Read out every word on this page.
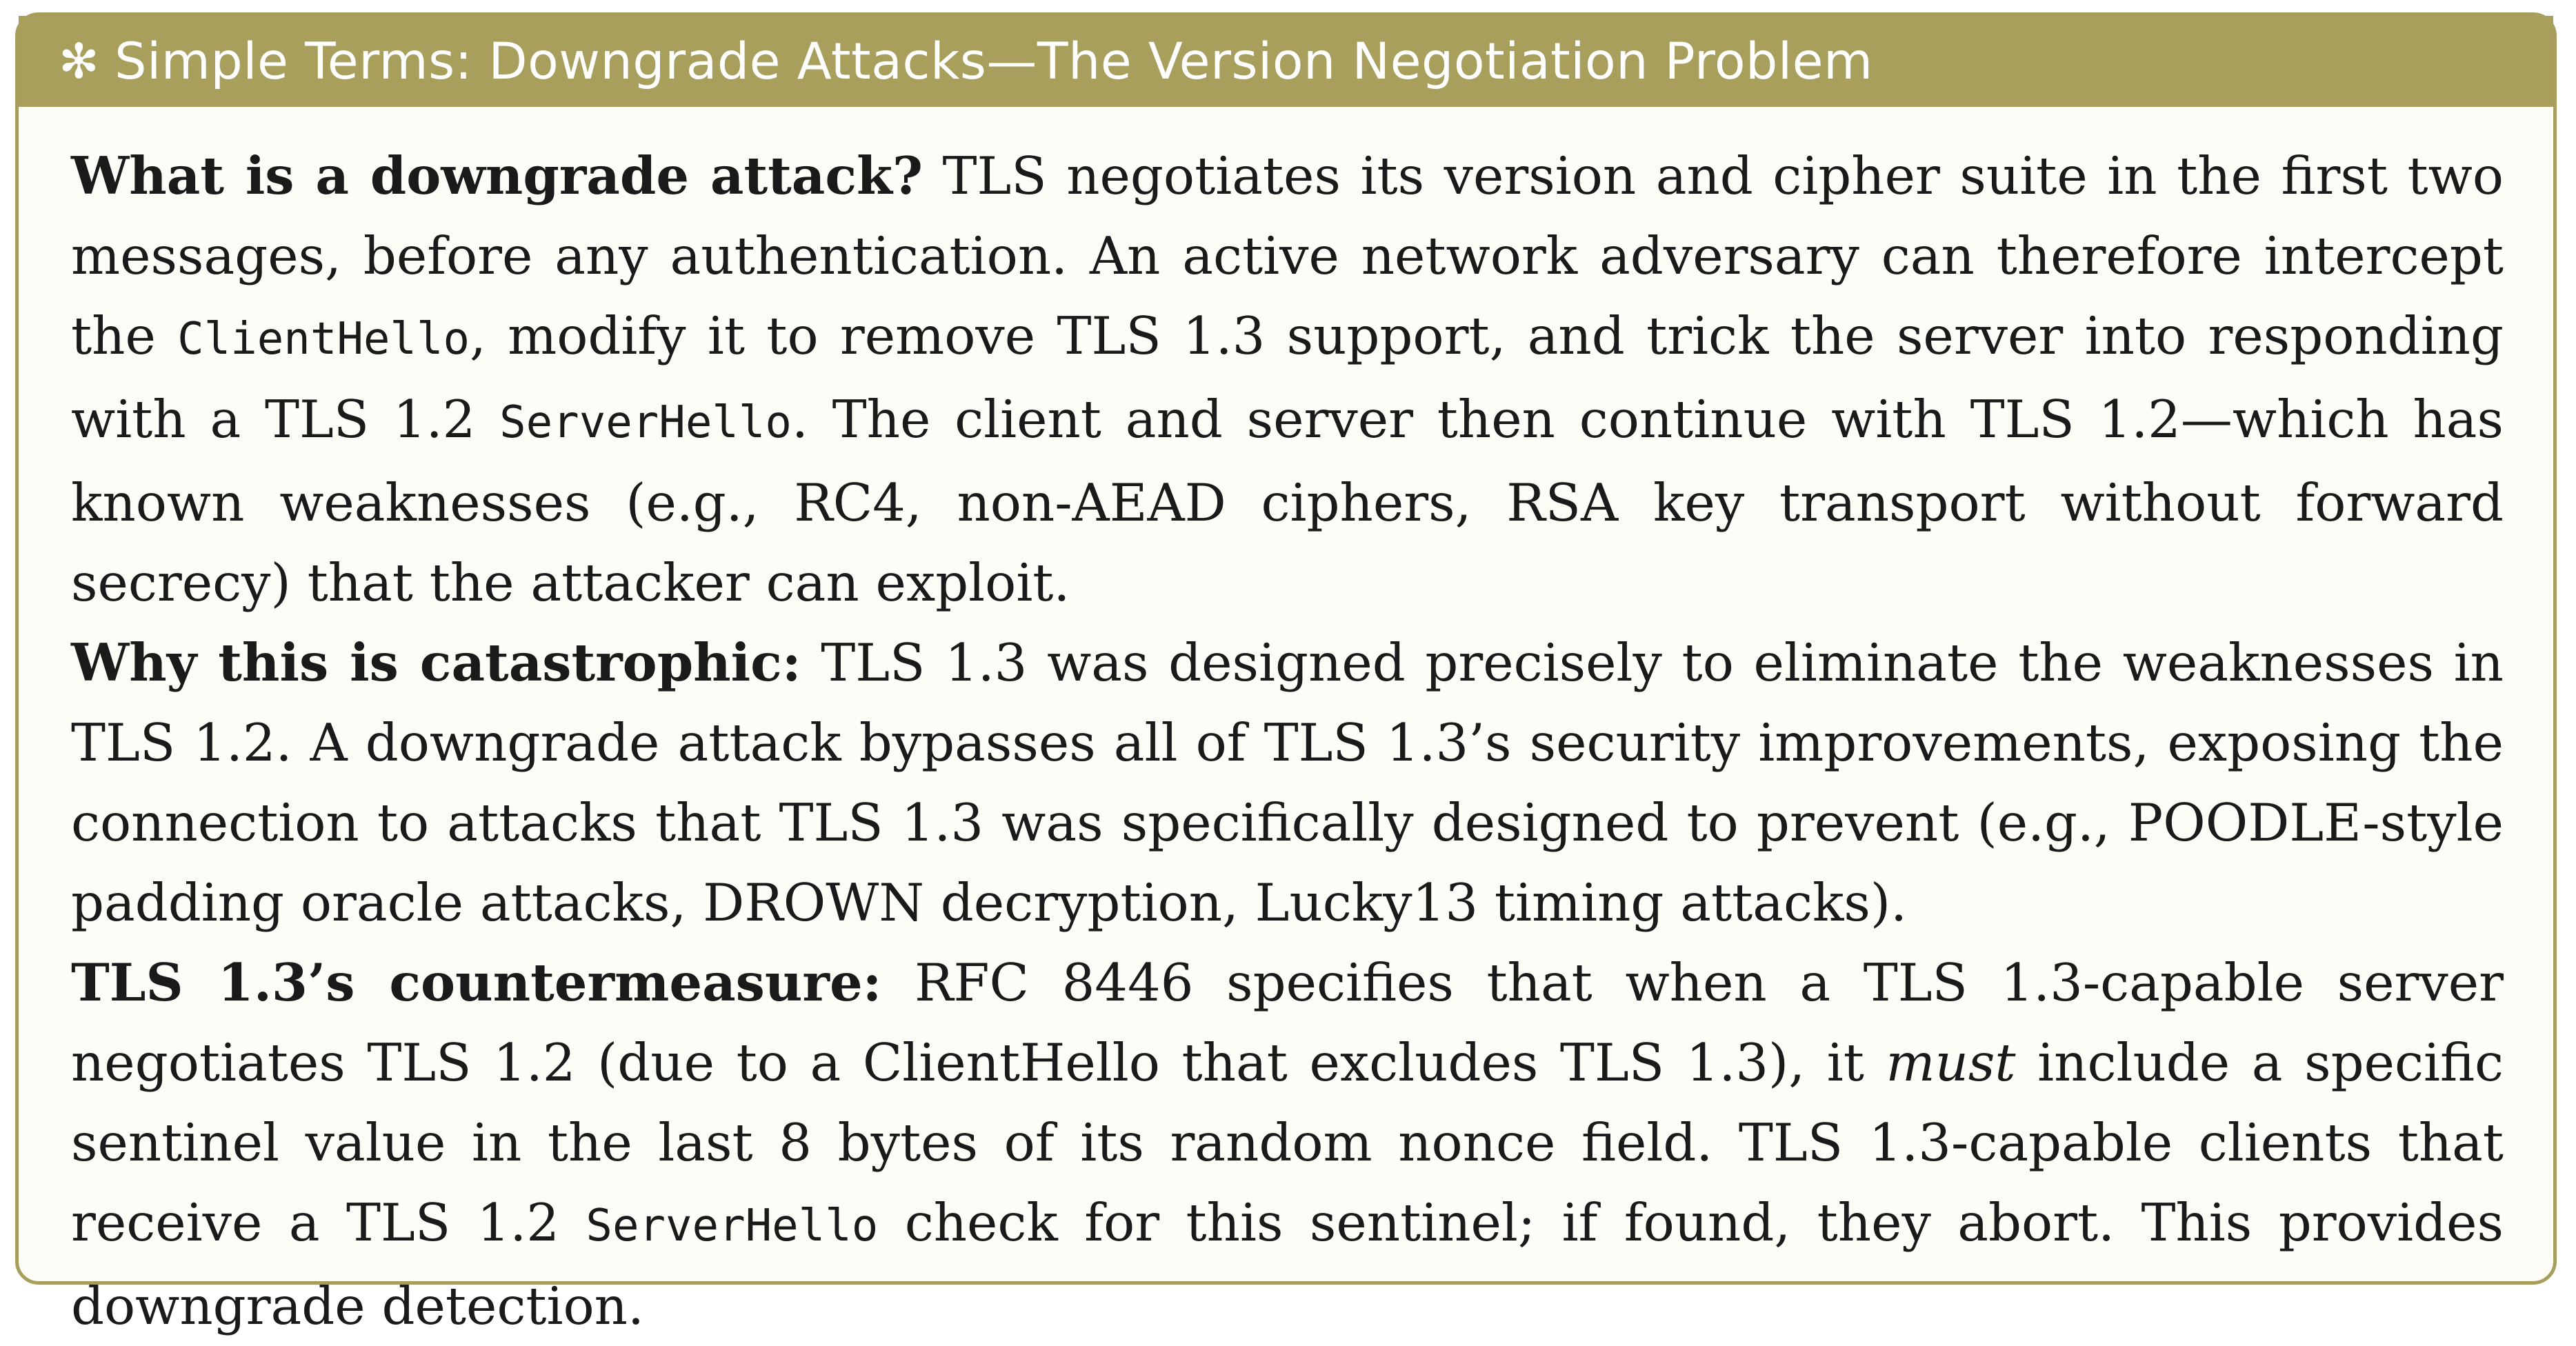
✻ Simple Terms: Downgrade Attacks—The Version Negotiation Problem

What is a downgrade attack? TLS negotiates its version and cipher suite in the first two messages, before any authentication. An active network adversary can therefore intercept the ClientHello, modify it to remove TLS 1.3 support, and trick the server into responding with a TLS 1.2 ServerHello. The client and server then continue with TLS 1.2—which has known weaknesses (e.g., RC4, non-AEAD ciphers, RSA key transport without forward secrecy) that the attacker can exploit.

Why this is catastrophic: TLS 1.3 was designed precisely to eliminate the weaknesses in TLS 1.2. A downgrade attack bypasses all of TLS 1.3’s security improvements, exposing the connection to attacks that TLS 1.3 was specifically designed to prevent (e.g., POODLE-style padding oracle attacks, DROWN decryption, Lucky13 timing attacks).

TLS 1.3’s countermeasure: RFC 8446 specifies that when a TLS 1.3-capable server negotiates TLS 1.2 (due to a ClientHello that excludes TLS 1.3), it must include a specific sentinel value in the last 8 bytes of its random nonce field. TLS 1.3-capable clients that receive a TLS 1.2 ServerHello check for this sentinel; if found, they abort. This provides downgrade detection.
